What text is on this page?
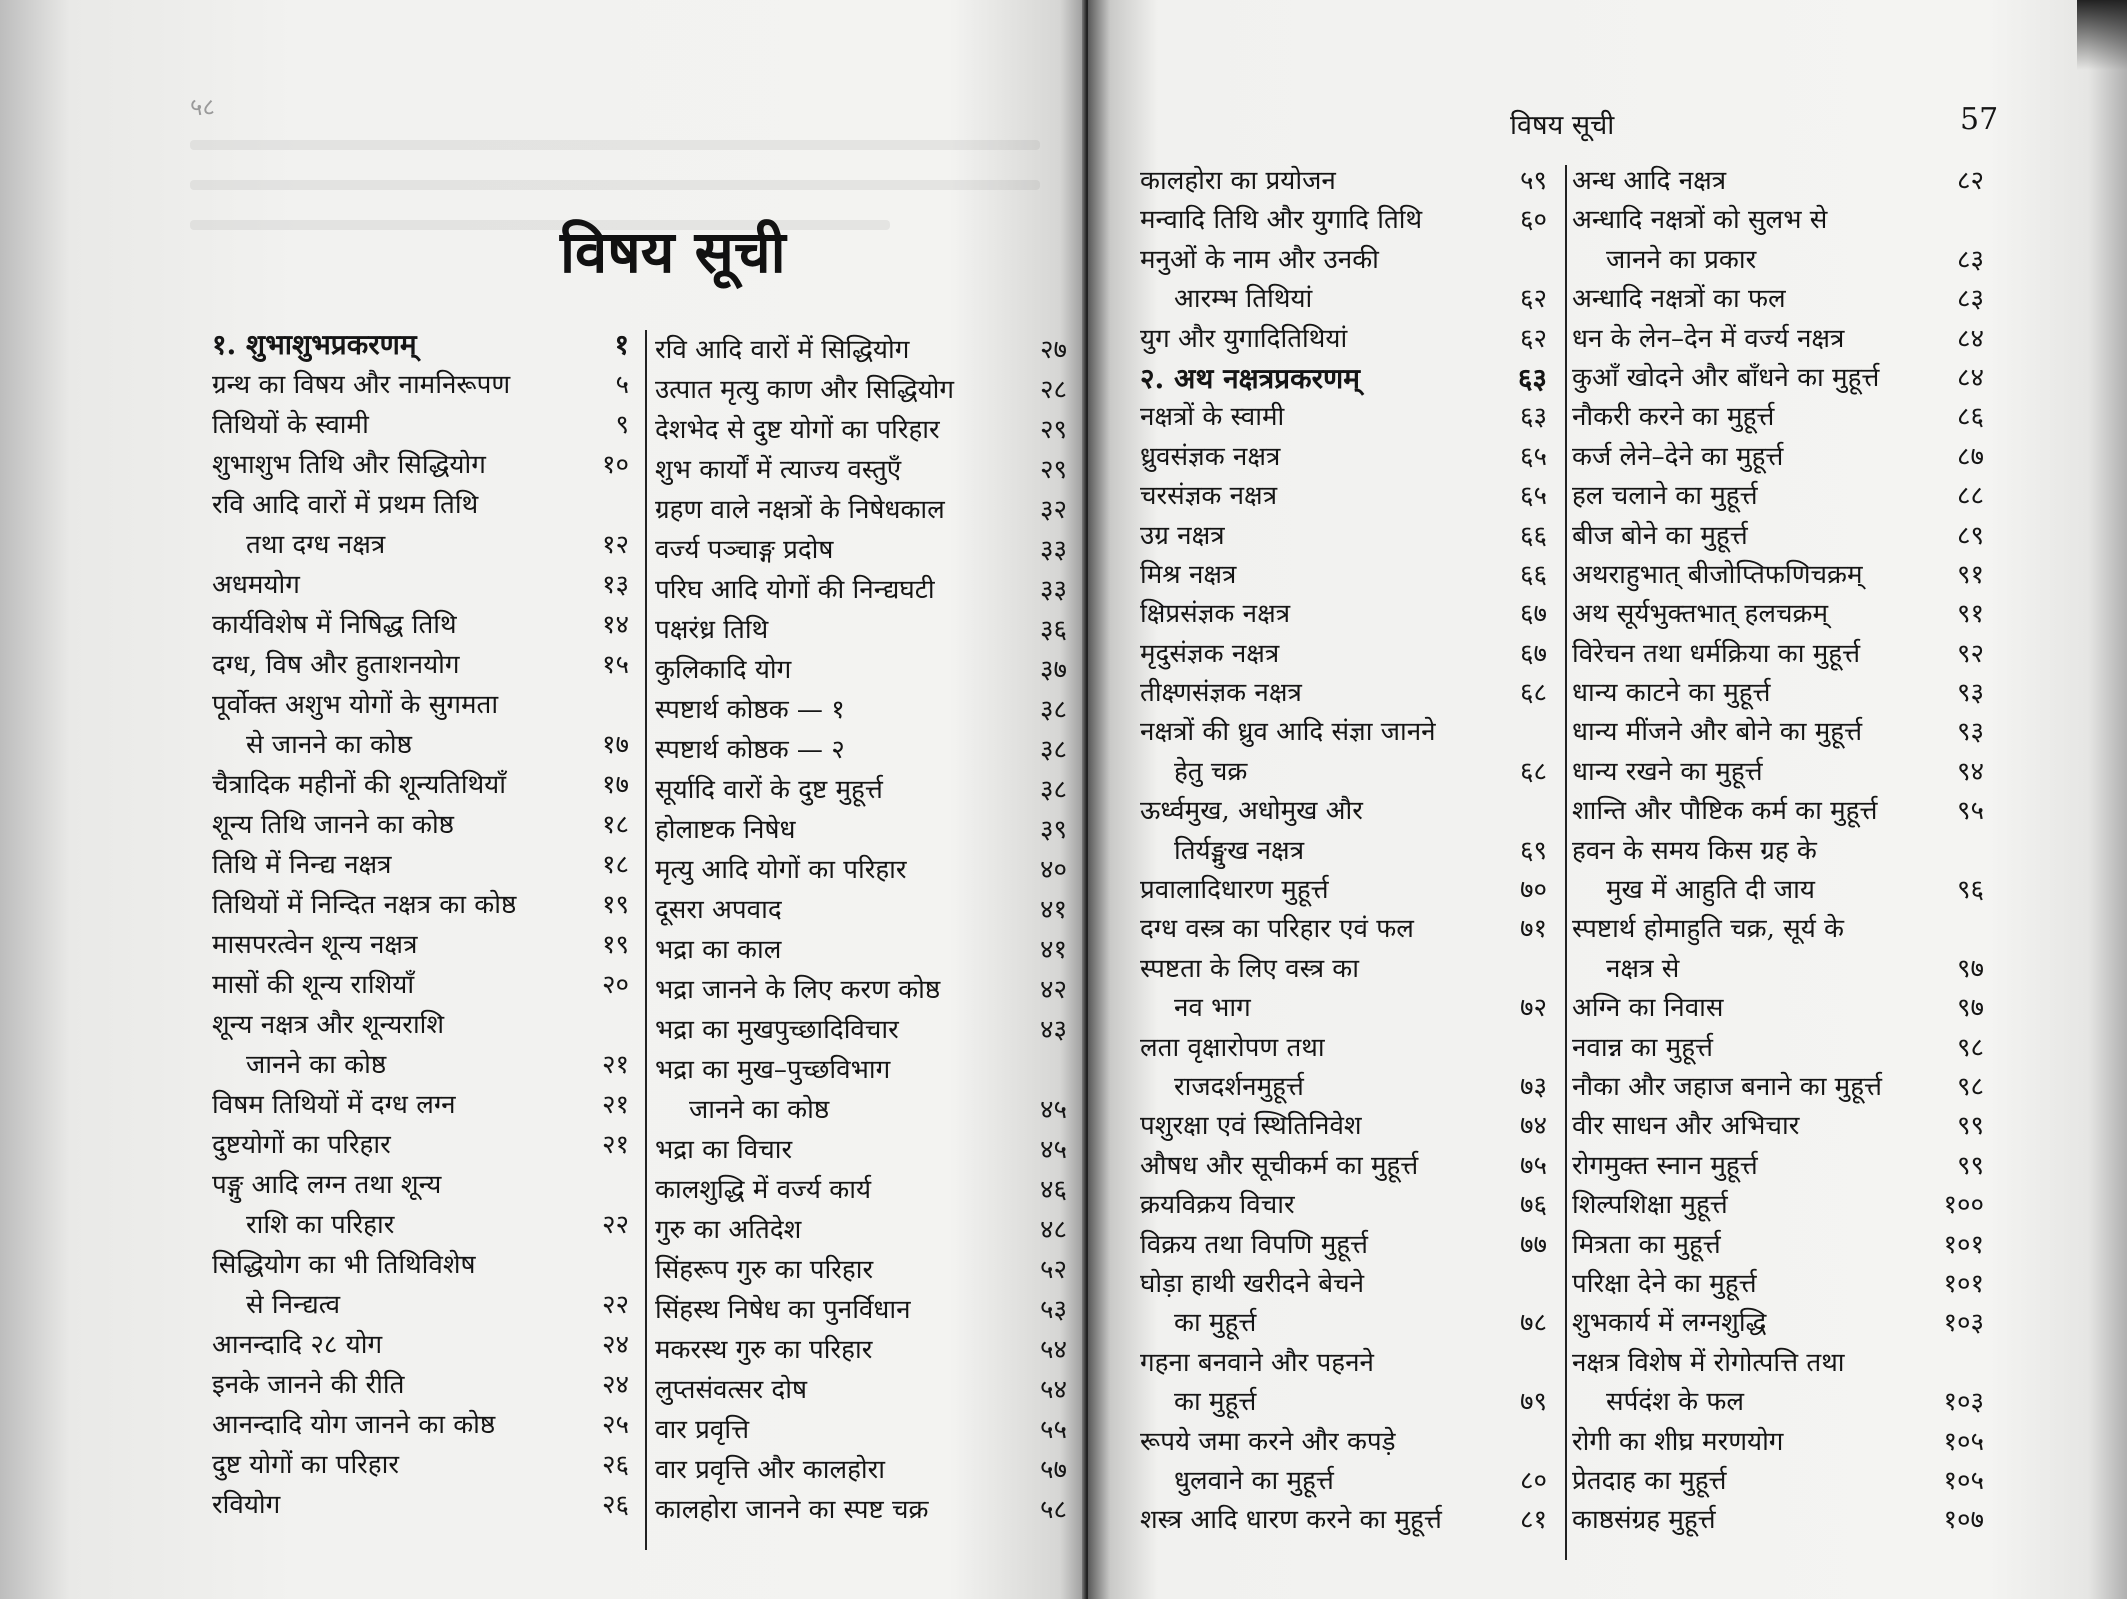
५८
विषय सूची
१. शुभाशुभप्रकरणम्	१
ग्रन्थ का विषय और नामनिरूपण	५
तिथियों के स्वामी	९
शुभाशुभ तिथि और सिद्धियोग	१०
रवि आदि वारों में प्रथम तिथि
तथा दग्ध नक्षत्र	१२
अधमयोग	१३
कार्यविशेष में निषिद्ध तिथि	१४
दग्ध, विष और हुताशनयोग	१५
पूर्वोक्त अशुभ योगों के सुगमता
से जानने का कोष्ठ	१७
चैत्रादिक महीनों की शून्यतिथियाँ	१७
शून्य तिथि जानने का कोष्ठ	१८
तिथि में निन्द्य नक्षत्र	१८
तिथियों में निन्दित नक्षत्र का कोष्ठ	१९
मासपरत्वेन शून्य नक्षत्र	१९
मासों की शून्य राशियाँ	२०
शून्य नक्षत्र और शून्यराशि
जानने का कोष्ठ	२१
विषम तिथियों में दग्ध लग्न	२१
दुष्टयोगों का परिहार	२१
पङ्गु आदि लग्न तथा शून्य
राशि का परिहार	२२
सिद्धियोग का भी तिथिविशेष
से निन्द्यत्व	२२
आनन्दादि २८ योग	२४
इनके जानने की रीति	२४
आनन्दादि योग जानने का कोष्ठ	२५
दुष्ट योगों का परिहार	२६
रवियोग	२६
रवि आदि वारों में सिद्धियोग	२७
उत्पात मृत्यु काण और सिद्धियोग	२८
देशभेद से दुष्ट योगों का परिहार	२९
शुभ कार्यों में त्याज्य वस्तुएँ	२९
ग्रहण वाले नक्षत्रों के निषेधकाल	३२
वर्ज्य पञ्चाङ्ग प्रदोष	३३
परिघ आदि योगों की निन्द्यघटी	३३
पक्षरंध्र तिथि	३६
कुलिकादि योग	३७
स्पष्टार्थ कोष्ठक — १	३८
स्पष्टार्थ कोष्ठक — २	३८
सूर्यादि वारों के दुष्ट मुहूर्त्त	३८
होलाष्टक निषेध	३९
मृत्यु आदि योगों का परिहार	४०
दूसरा अपवाद	४१
भद्रा का काल	४१
भद्रा जानने के लिए करण कोष्ठ	४२
भद्रा का मुखपुच्छादिविचार	४३
भद्रा का मुख–पुच्छविभाग
जानने का कोष्ठ	४५
भद्रा का विचार	४५
कालशुद्धि में वर्ज्य कार्य	४६
गुरु का अतिदेश	४८
सिंहरूप गुरु का परिहार	५२
सिंहस्थ निषेध का पुनर्विधान	५३
मकरस्थ गुरु का परिहार	५४
लुप्तसंवत्सर दोष	५४
वार प्रवृत्ति	५५
वार प्रवृत्ति और कालहोरा	५७
कालहोरा जानने का स्पष्ट चक्र	५८
विषय सूची	57
कालहोरा का प्रयोजन	५९
मन्वादि तिथि और युगादि तिथि	६०
मनुओं के नाम और उनकी
आरम्भ तिथियां	६२
युग और युगादितिथियां	६२
२. अथ नक्षत्रप्रकरणम्	६३
नक्षत्रों के स्वामी	६३
ध्रुवसंज्ञक नक्षत्र	६५
चरसंज्ञक नक्षत्र	६५
उग्र नक्षत्र	६६
मिश्र नक्षत्र	६६
क्षिप्रसंज्ञक नक्षत्र	६७
मृदुसंज्ञक नक्षत्र	६७
तीक्ष्णसंज्ञक नक्षत्र	६८
नक्षत्रों की ध्रुव आदि संज्ञा जानने
हेतु चक्र	६८
ऊर्ध्वमुख, अधोमुख और
तिर्यङ्मुख नक्षत्र	६९
प्रवालादिधारण मुहूर्त्त	७०
दग्ध वस्त्र का परिहार एवं फल	७१
स्पष्टता के लिए वस्त्र का
नव भाग	७२
लता वृक्षारोपण तथा
राजदर्शनमुहूर्त्त	७३
पशुरक्षा एवं स्थितिनिवेश	७४
औषध और सूचीकर्म का मुहूर्त्त	७५
क्रयविक्रय विचार	७६
विक्रय तथा विपणि मुहूर्त्त	७७
घोड़ा हाथी खरीदने बेचने
का मुहूर्त्त	७८
गहना बनवाने और पहनने
का मुहूर्त्त	७९
रूपये जमा करने और कपड़े
धुलवाने का मुहूर्त्त	८०
शस्त्र आदि धारण करने का मुहूर्त्त	८१
अन्ध आदि नक्षत्र	८२
अन्धादि नक्षत्रों को सुलभ से
जानने का प्रकार	८३
अन्धादि नक्षत्रों का फल	८३
धन के लेन–देन में वर्ज्य नक्षत्र	८४
कुआँ खोदने और बाँधने का मुहूर्त्त	८४
नौकरी करने का मुहूर्त्त	८६
कर्ज लेने–देने का मुहूर्त्त	८७
हल चलाने का मुहूर्त्त	८८
बीज बोने का मुहूर्त्त	८९
अथराहुभात् बीजोप्तिफणिचक्रम्	९१
अथ सूर्यभुक्तभात् हलचक्रम्	९१
विरेचन तथा धर्मक्रिया का मुहूर्त्त	९२
धान्य काटने का मुहूर्त्त	९३
धान्य मींजने और बोने का मुहूर्त्त	९३
धान्य रखने का मुहूर्त्त	९४
शान्ति और पौष्टिक कर्म का मुहूर्त्त	९५
हवन के समय किस ग्रह के
मुख में आहुति दी जाय	९६
स्पष्टार्थ होमाहुति चक्र, सूर्य के
नक्षत्र से	९७
अग्नि का निवास	९७
नवान्न का मुहूर्त्त	९८
नौका और जहाज बनाने का मुहूर्त्त	९८
वीर साधन और अभिचार	९९
रोगमुक्त स्नान मुहूर्त्त	९९
शिल्पशिक्षा मुहूर्त्त	१००
मित्रता का मुहूर्त्त	१०१
परिक्षा देने का मुहूर्त्त	१०१
शुभकार्य में लग्नशुद्धि	१०३
नक्षत्र विशेष में रोगोत्पत्ति तथा
सर्पदंश के फल	१०३
रोगी का शीघ्र मरणयोग	१०५
प्रेतदाह का मुहूर्त्त	१०५
काष्ठसंग्रह मुहूर्त्त	१०७
